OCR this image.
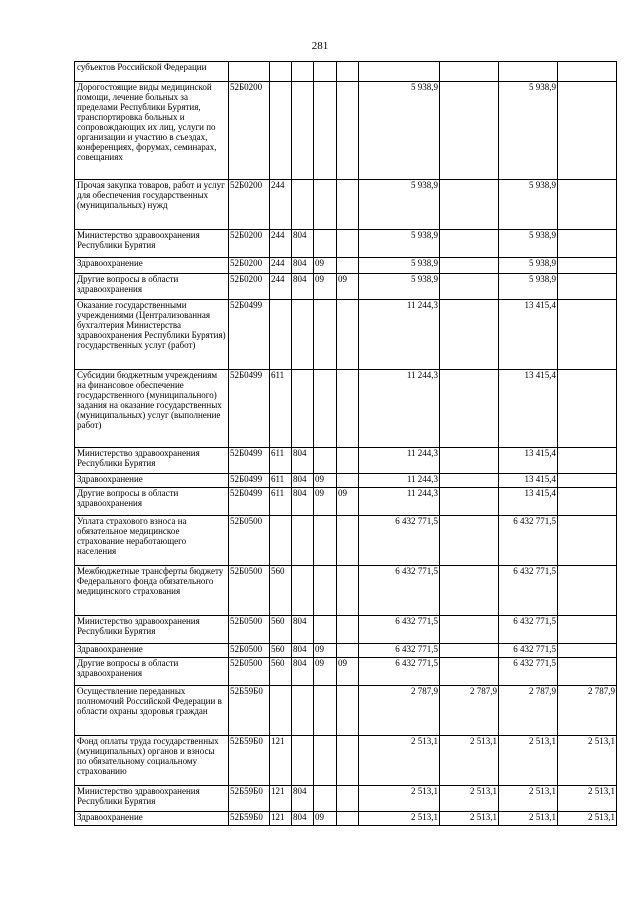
281
субъектов Российской Федерации									
Дорогостоящие виды медицинской помощи, лечение больных за пределами Республики Бурятия, транспортировка больных и сопровождающих их лиц, услуги по организации и участию в съездах, конференциях, форумах, семинарах, совещаниях	52Б0200					5 938,9		5 938,9	
Прочая закупка товаров, работ и услуг для обеспечения государственных (муниципальных) нужд	52Б0200	244				5 938,9		5 938,9	
Министерство здравоохранения Республики Бурятия	52Б0200	244	804			5 938,9		5 938,9	
Здравоохранение	52Б0200	244	804	09		5 938,9		5 938,9	
Другие вопросы в области здравоохранения	52Б0200	244	804	09	09	5 938,9		5 938,9	
Оказание государственными учреждениями (Централизованная бухгалтерия Министерства здравоохранения Республики Бурятия) государственных услуг (работ)	52Б0499					11 244,3		13 415,4	
Субсидии бюджетным учреждениям на финансовое обеспечение государственного (муниципального) задания на оказание государственных (муниципальных) услуг (выполнение работ)	52Б0499	611				11 244,3		13 415,4	
Министерство здравоохранения Республики Бурятия	52Б0499	611	804			11 244,3		13 415,4	
Здравоохранение	52Б0499	611	804	09		11 244,3		13 415,4	
Другие вопросы в области здравоохранения	52Б0499	611	804	09	09	11 244,3		13 415,4	
Уплата страхового взноса на обязательное медицинское страхование неработающего населения	52Б0500					6 432 771,5		6 432 771,5	
Межбюджетные трансферты бюджету Федерального фонда обязательного медицинского страхования	52Б0500	560				6 432 771,5		6 432 771,5	
Министерство здравоохранения Республики Бурятия	52Б0500	560	804			6 432 771,5		6 432 771,5	
Здравоохранение	52Б0500	560	804	09		6 432 771,5		6 432 771,5	
Другие вопросы в области здравоохранения	52Б0500	560	804	09	09	6 432 771,5		6 432 771,5	
Осуществление переданных полномочий Российской Федерации в области охраны здоровья граждан	52Б59Б0					2 787,9	2 787,9	2 787,9	2 787,9
Фонд оплаты труда государственных (муниципальных) органов и взносы по обязательному социальному страхованию	52Б59Б0	121				2 513,1	2 513,1	2 513,1	2 513,1
Министерство здравоохранения Республики Бурятия	52Б59Б0	121	804			2 513,1	2 513,1	2 513,1	2 513,1
Здравоохранение	52Б59Б0	121	804	09		2 513,1	2 513,1	2 513,1	2 513,1
